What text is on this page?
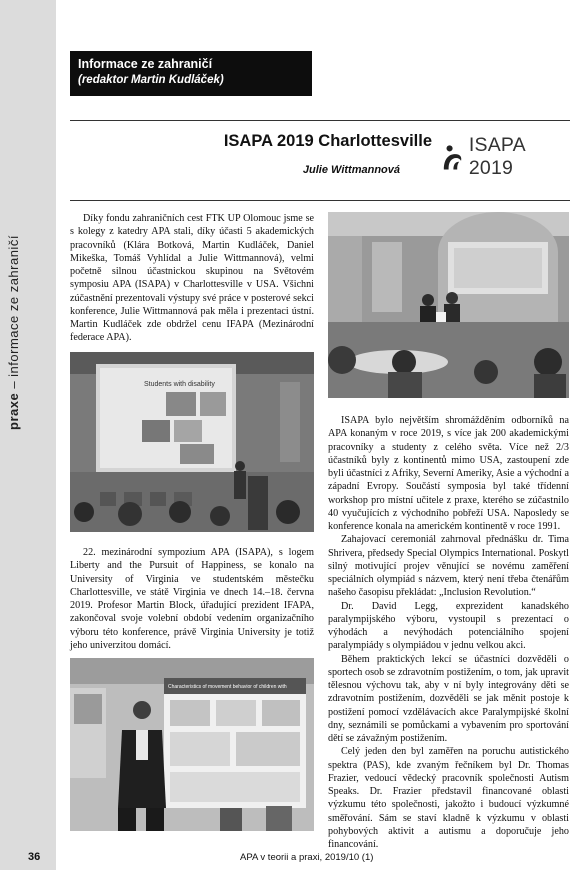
praxe – informace ze zahraničí
Informace ze zahraničí
(redaktor Martin Kudláček)
ISAPA 2019 Charlottesville
Julie Wittmannová
ISAPA 2019

Díky fondu zahraničních cest FTK UP Olomouc jsme se s kolegy z katedry APA stali, díky účasti 5 akademických pracovníků (Klára Botková, Martin Kudláček, Daniel Mikeška, Tomáš Vyhlídal a Julie Wittmannová), velmi početně silnou účastnickou skupinou na Světovém symposiu APA (ISAPA) v Charlottesville v USA. Všichni zúčastnění prezentovali výstupy své práce v posterové sekci konference, Julie Wittmannová pak měla i prezentaci ústní. Martin Kudláček zde obdržel cenu IFAPA (Mezinárodní federace APA).

Students with disability

22. mezinárodní sympozium APA (ISAPA), s logem Liberty and the Pursuit of Happiness, se konalo na University of Virginia ve studentském městečku Charlottesville, ve státě Virginia ve dnech 14.–18. června 2019. Profesor Martin Block, úřadující prezident IFAPA, zakončoval svoje volební období vedením organizačního výboru této konference, právě Virginia University je totiž jeho univerzitou domácí.

Characteristics of movement behavior of children with

ISAPA bylo největším shromážděním odborníků na APA konaným v roce 2019, s více jak 200 akademickými pracovníky a studenty z celého světa. Více než 2/3 účastníků byly z kontinentů mimo USA, zastoupení zde byli účastníci z Afriky, Severní Ameriky, Asie a východní a západní Evropy. Součástí symposia byl také třídenní workshop pro místní učitele z praxe, kterého se zúčastnilo 40 vyučujících z východního pobřeží USA. Naposledy se konference konala na americkém kontinentě v roce 1991.

Zahajovací ceremoniál zahrnoval přednášku dr. Tima Shrivera, předsedy Special Olympics International. Poskytl silný motivující projev věnující se novému zaměření speciálních olympiád s názvem, který není třeba čtenářům našeho časopisu překládat: „Inclusion Revolution.“

Dr. David Legg, exprezident kanadského paralympijského výboru, vystoupil s prezentací o výhodách a nevýhodách potenciálního spojení paralympiády s olympiádou v jednu velkou akci.

Během praktických lekcí se účastníci dozvěděli o sportech osob se zdravotním postižením, o tom, jak upravit tělesnou výchovu tak, aby v ní byly integrovány děti se zdravotním postižením, dozvěděli se jak měnit postoje k postižení pomocí vzdělávacích akce Paralympijské školní dny, seznámili se pomůckami a vybavením pro sportování dětí se závažným postižením.

Celý jeden den byl zaměřen na poruchu autistického spektra (PAS), kde zvaným řečníkem byl Dr. Thomas Frazier, vedoucí vědecký pracovník společnosti Autism Speaks. Dr. Frazier představil financované oblasti výzkumu této společnosti, jakožto i budoucí výzkumné směřování. Sám se staví kladně k výzkumu v oblasti pohybových aktivit a autismu a doporučuje jeho financování.

36	APA v teorii a praxi, 2019/10 (1)
